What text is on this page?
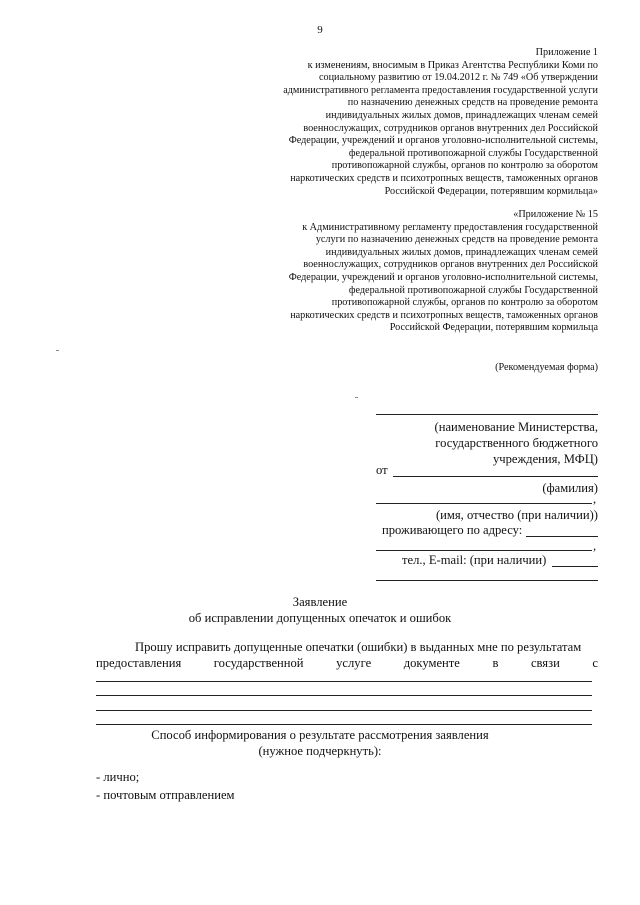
9
Приложение 1
к изменениям, вносимым в Приказ Агентства Республики Коми по
социальному развитию от 19.04.2012 г. № 749 «Об утверждении
административного регламента предоставления государственной услуги
по назначению денежных средств на проведение ремонта
индивидуальных жилых домов, принадлежащих членам семей
военнослужащих, сотрудников органов внутренних дел Российской
Федерации, учреждений и органов уголовно-исполнительной системы,
федеральной противопожарной службы Государственной
противопожарной службы, органов по контролю за оборотом
наркотических средств и психотропных веществ, таможенных органов
Российской Федерации, потерявшим кормильца»
«Приложение № 15
к Административному регламенту предоставления государственной
услуги по назначению денежных средств на проведение ремонта
индивидуальных жилых домов, принадлежащих членам семей
военнослужащих, сотрудников органов внутренних дел Российской
Федерации, учреждений и органов уголовно-исполнительной системы,
федеральной противопожарной службы Государственной
противопожарной службы, органов по контролю за оборотом
наркотических средств и психотропных веществ, таможенных органов
Российской Федерации, потерявшим кормильца
(Рекомендуемая форма)
(наименование Министерства,
государственного бюджетного
учреждения, МФЦ)
от
(фамилия)
,
(имя, отчество (при наличии))
проживающего по адресу:
,
тел., E-mail: (при наличии)
Заявление
об исправлении допущенных опечаток и ошибок
Прошу исправить допущенные опечатки (ошибки) в выданных мне по результатам
предоставления	государственной	услуге	документе	в	связи	с
Способ информирования о результате рассмотрения заявления
(нужное подчеркнуть):
- лично;
- почтовым отправлением
